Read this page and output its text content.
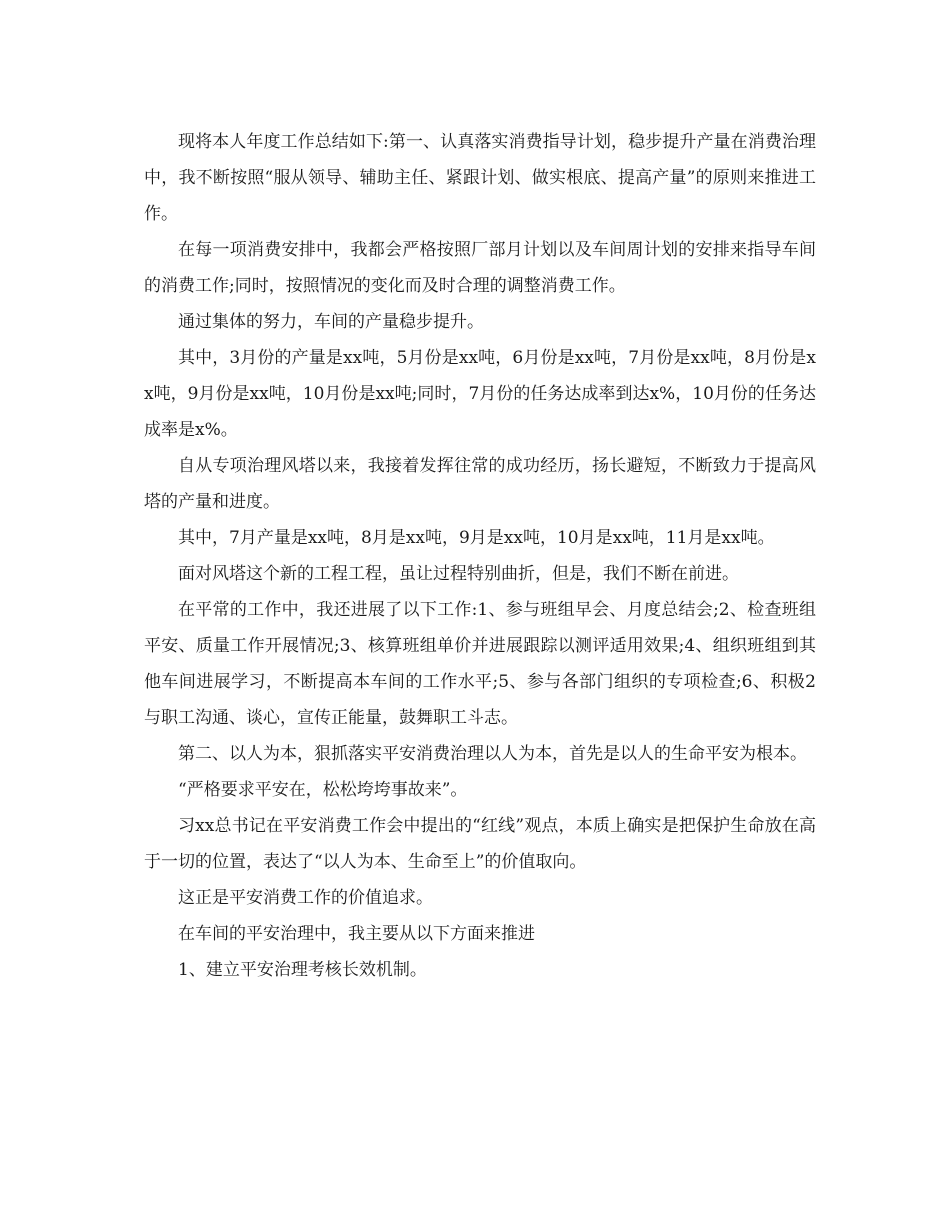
现将本人年度工作总结如下:第一、认真落实消费指导计划，稳步提升产量在消费治理中，我不断按照“服从领导、辅助主任、紧跟计划、做实根底、提高产量”的原则来推进工作。

在每一项消费安排中，我都会严格按照厂部月计划以及车间周计划的安排来指导车间的消费工作;同时，按照情况的变化而及时合理的调整消费工作。

通过集体的努力，车间的产量稳步提升。

其中，3月份的产量是xx吨，5月份是xx吨，6月份是xx吨，7月份是xx吨，8月份是xx吨，9月份是xx吨，10月份是xx吨;同时，7月份的任务达成率到达x%，10月份的任务达成率是x%。

自从专项治理风塔以来，我接着发挥往常的成功经历，扬长避短，不断致力于提高风塔的产量和进度。

其中，7月产量是xx吨，8月是xx吨，9月是xx吨，10月是xx吨，11月是xx吨。

面对风塔这个新的工程工程，虽让过程特别曲折，但是，我们不断在前进。

在平常的工作中，我还进展了以下工作:1、参与班组早会、月度总结会;2、检查班组平安、质量工作开展情况;3、核算班组单价并进展跟踪以测评适用效果;4、组织班组到其他车间进展学习，不断提高本车间的工作水平;5、参与各部门组织的专项检查;6、积极2与职工沟通、谈心，宣传正能量，鼓舞职工斗志。

第二、以人为本，狠抓落实平安消费治理以人为本，首先是以人的生命平安为根本。

“严格要求平安在，松松垮垮事故来”。

习xx总书记在平安消费工作会中提出的“红线”观点，本质上确实是把保护生命放在高于一切的位置，表达了“以人为本、生命至上”的价值取向。

这正是平安消费工作的价值追求。

在车间的平安治理中，我主要从以下方面来推进

1、建立平安治理考核长效机制。
